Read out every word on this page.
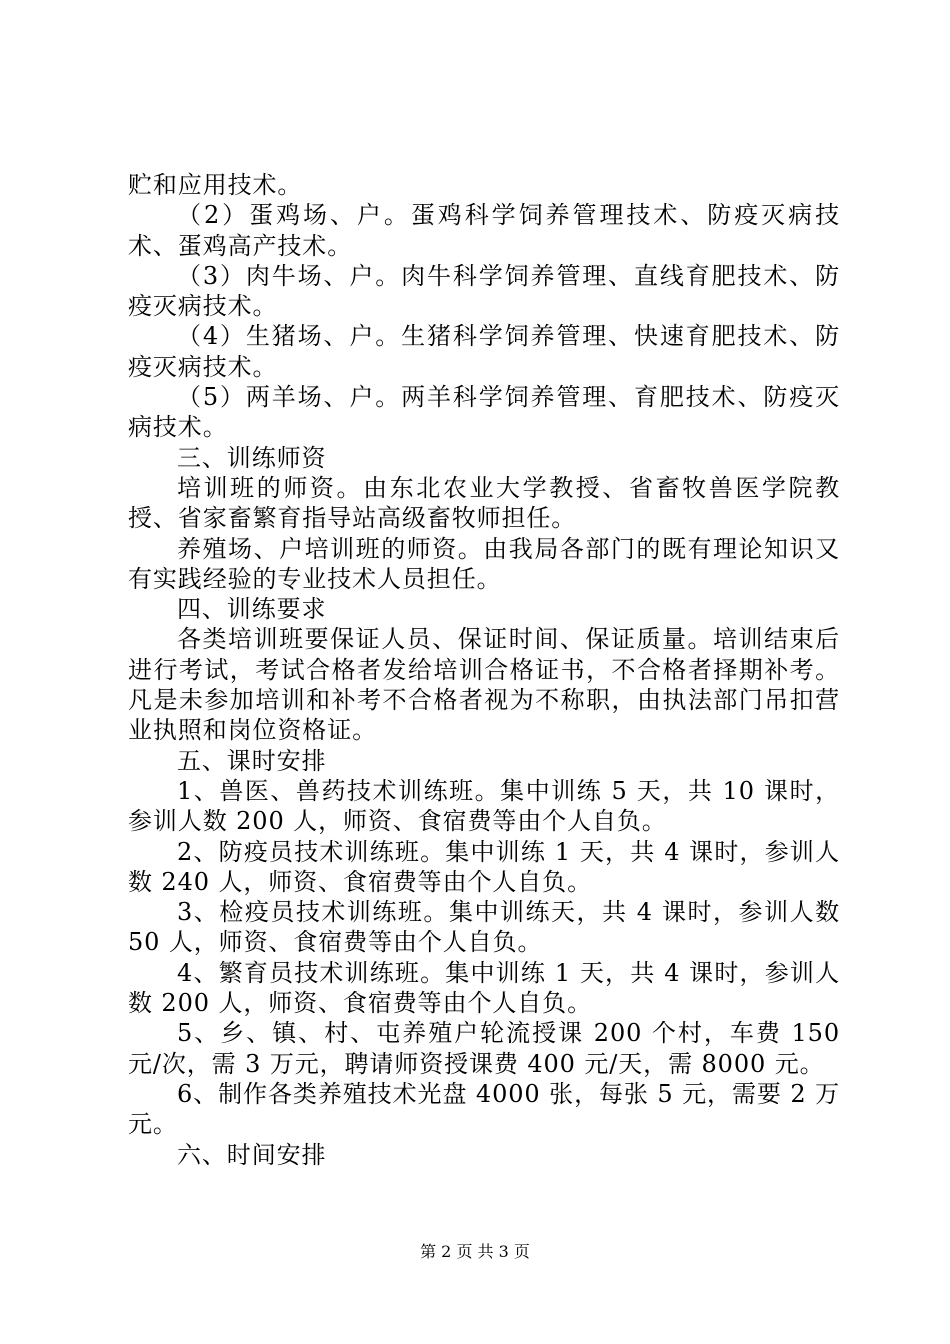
贮和应用技术。

（2）蛋鸡场、户。蛋鸡科学饲养管理技术、防疫灭病技术、蛋鸡高产技术。

（3）肉牛场、户。肉牛科学饲养管理、直线育肥技术、防疫灭病技术。

（4）生猪场、户。生猪科学饲养管理、快速育肥技术、防疫灭病技术。

（5）两羊场、户。两羊科学饲养管理、育肥技术、防疫灭病技术。

三、训练师资

培训班的师资。由东北农业大学教授、省畜牧兽医学院教授、省家畜繁育指导站高级畜牧师担任。

养殖场、户培训班的师资。由我局各部门的既有理论知识又有实践经验的专业技术人员担任。

四、训练要求

各类培训班要保证人员、保证时间、保证质量。培训结束后进行考试，考试合格者发给培训合格证书，不合格者择期补考。凡是未参加培训和补考不合格者视为不称职，由执法部门吊扣营业执照和岗位资格证。

五、课时安排

1、兽医、兽药技术训练班。集中训练 5 天，共 10 课时，参训人数 200 人，师资、食宿费等由个人自负。

2、防疫员技术训练班。集中训练 1 天，共 4 课时，参训人数 240 人，师资、食宿费等由个人自负。

3、检疫员技术训练班。集中训练天，共 4 课时，参训人数 50 人，师资、食宿费等由个人自负。

4、繁育员技术训练班。集中训练 1 天，共 4 课时，参训人数 200 人，师资、食宿费等由个人自负。

5、乡、镇、村、屯养殖户轮流授课 200 个村，车费 150 元/次，需 3 万元，聘请师资授课费 400 元/天，需 8000 元。

6、制作各类养殖技术光盘 4000 张，每张 5 元，需要 2 万元。

六、时间安排

第 2 页 共 3 页
